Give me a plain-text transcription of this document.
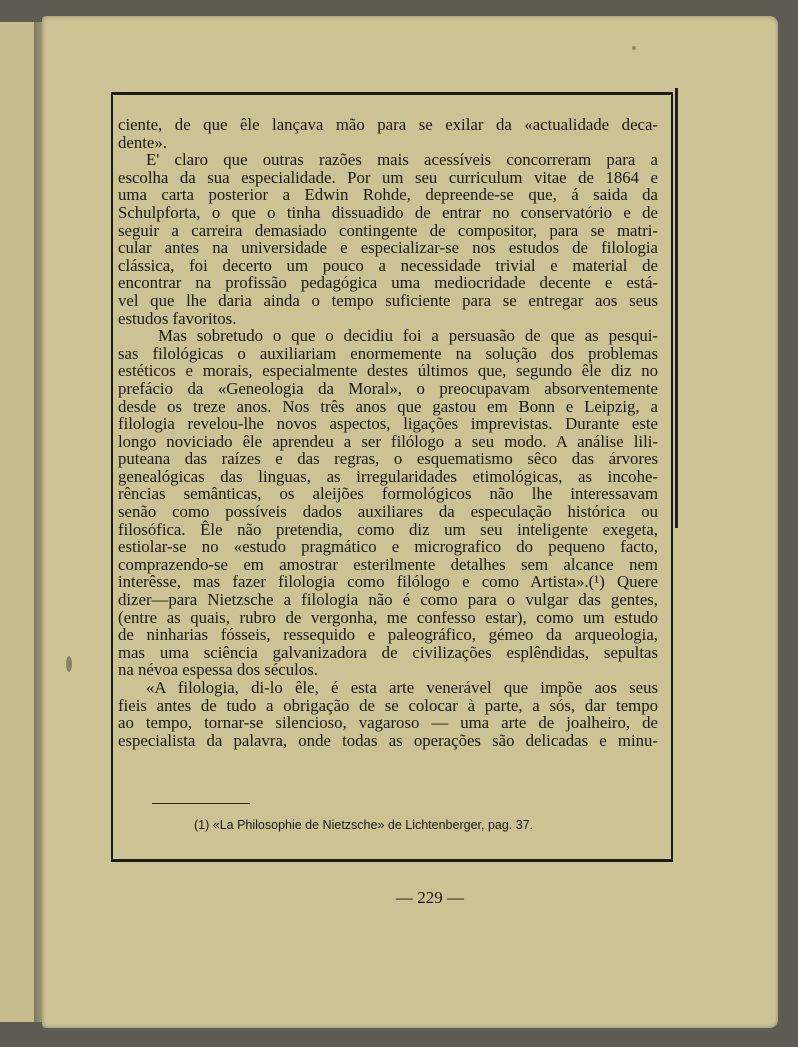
ciente, de que êle lançava mão para se exilar da «actualidade deca-
dente».
E' claro que outras razões mais acessíveis concorreram para a
escolha da sua especialidade. Por um seu curriculum vitae de 1864 e
uma carta posterior a Edwin Rohde, depreende-se que, á saida da
Schulpforta, o que o tinha dissuadido de entrar no conservatório e de
seguir a carreira demasiado contingente de compositor, para se matri-
cular antes na universidade e especializar-se nos estudos de filologia
clássica, foi decerto um pouco a necessidade trivial e material de
encontrar na profissão pedagógica uma mediocridade decente e está-
vel que lhe daria ainda o tempo suficiente para se entregar aos seus
estudos favoritos.
Mas sobretudo o que o decidiu foi a persuasão de que as pesqui-
sas filológicas o auxiliariam enormemente na solução dos problemas
estéticos e morais, especialmente destes últimos que, segundo êle diz no
prefácio da «Geneologia da Moral», o preocupavam absorventemente
desde os treze anos. Nos três anos que gastou em Bonn e Leipzig, a
filologia revelou-lhe novos aspectos, ligações imprevistas. Durante este
longo noviciado êle aprendeu a ser filólogo a seu modo. A análise lili-
puteana das raízes e das regras, o esquematismo sêco das árvores
genealógicas das linguas, as irregularidades etimológicas, as incohe-
rências semânticas, os aleijões formológicos não lhe interessavam
senão como possíveis dados auxiliares da especulação histórica ou
filosófica. Êle não pretendia, como diz um seu inteligente exegeta,
estiolar-se no «estudo pragmático e micrografico do pequeno facto,
comprazendo-se em amostrar esterilmente detalhes sem alcance nem
interêsse, mas fazer filologia como filólogo e como Artista».(¹) Quere
dizer—para Nietzsche a filologia não é como para o vulgar das gentes,
(entre as quais, rubro de vergonha, me confesso estar), como um estudo
de ninharias fósseis, ressequido e paleográfico, gémeo da arqueologia,
mas uma sciência galvanizadora de civilizações esplêndidas, sepultas
na névoa espessa dos séculos.
«A filologia, di-lo êle, é esta arte venerável que impõe aos seus
fieis antes de tudo a obrigação de se colocar à parte, a sós, dar tempo
ao tempo, tornar-se silencioso, vagaroso — uma arte de joalheiro, de
especialista da palavra, onde todas as operações são delicadas e minu-
(1) «La Philosophie de Nietzsche» de Lichtenberger, pag. 37.
— 229 —
